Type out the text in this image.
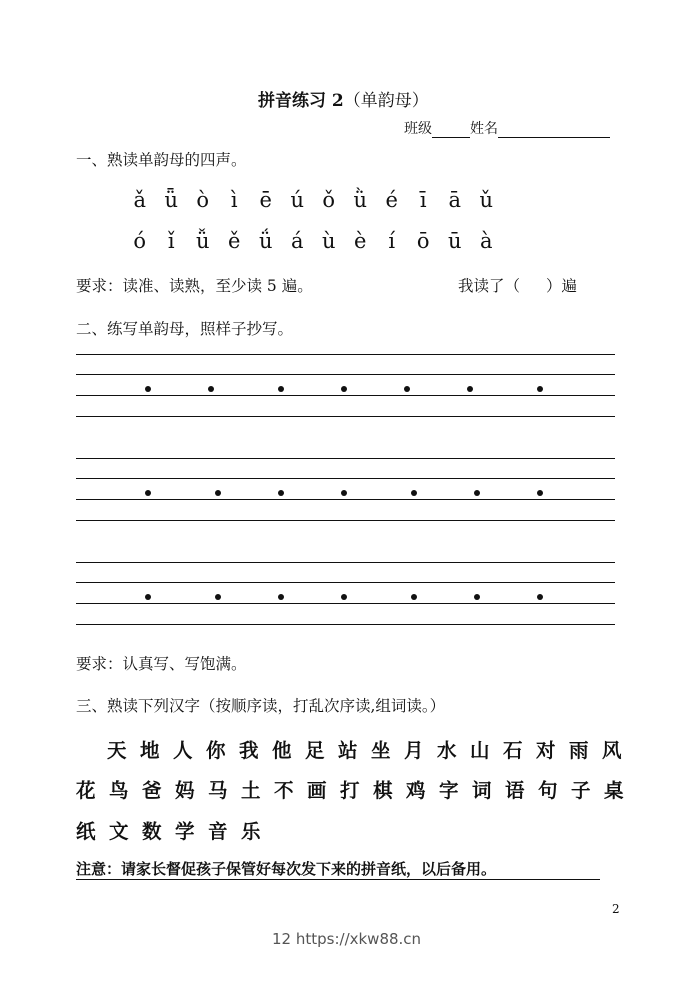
拼音练习 2（单韵母）
班级	姓名
一、熟读单韵母的四声。
ǎ ǖ ò	ì	ē ú ǒ ǜ é	ī	ā ǔ
ó	ǐ	ǚ ě ǘ á ù è	í	ō ū à
要求：读准、读熟，至少读 5 遍。	我读了（ ）遍
二、练写单韵母，照样子抄写。
要求：认真写、写饱满。
三、熟读下列汉字（按顺序读，打乱次序读,组词读。）
天 地 人 你 我 他 足 站 坐 月 水 山 石 对 雨 风
花 鸟 爸 妈 马 土 不 画 打 棋 鸡 字 词 语 句 子 桌
纸 文 数 学 音 乐
注意：请家长督促孩子保管好每次发下来的拼音纸，以后备用。
2
12 https://xkw88.cn
